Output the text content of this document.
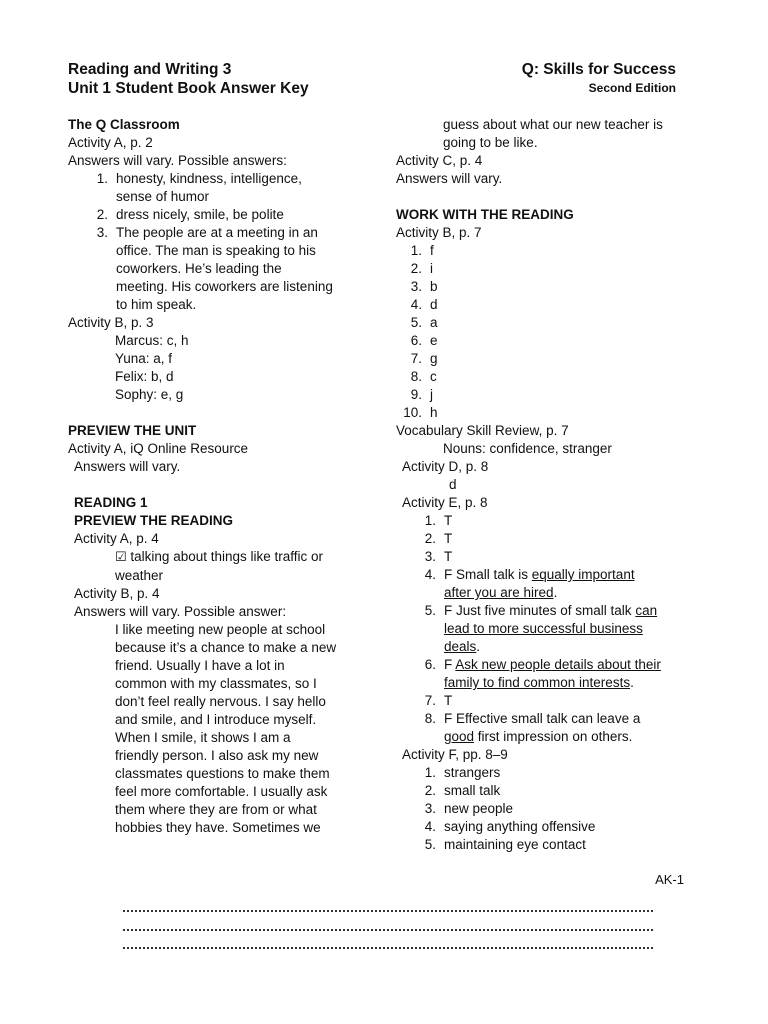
Reading and Writing 3
Unit 1 Student Book Answer Key
Q: Skills for Success
Second Edition
The Q Classroom
Activity A, p. 2
Answers will vary. Possible answers:
1. honesty, kindness, intelligence,
sense of humor
2. dress nicely, smile, be polite
3. The people are at a meeting in an
office. The man is speaking to his
coworkers. He’s leading the
meeting. His coworkers are listening
to him speak.
Activity B, p. 3
Marcus: c, h
Yuna: a, f
Felix: b, d
Sophy: e, g
PREVIEW THE UNIT
Activity A, iQ Online Resource
Answers will vary.
READING 1
PREVIEW THE READING
Activity A, p. 4
☑ talking about things like traffic or
weather
Activity B, p. 4
Answers will vary. Possible answer:
I like meeting new people at school
because it’s a chance to make a new
friend. Usually I have a lot in
common with my classmates, so I
don’t feel really nervous. I say hello
and smile, and I introduce myself.
When I smile, it shows I am a
friendly person. I also ask my new
classmates questions to make them
feel more comfortable. I usually ask
them where they are from or what
hobbies they have. Sometimes we
guess about what our new teacher is
going to be like.
Activity C, p. 4
Answers will vary.
WORK WITH THE READING
Activity B, p. 7
1. f
2. i
3. b
4. d
5. a
6. e
7. g
8. c
9. j
10. h
Vocabulary Skill Review, p. 7
Nouns: confidence, stranger
Activity D, p. 8
d
Activity E, p. 8
1. T
2. T
3. T
4. F Small talk is equally important
after you are hired.
5. F Just five minutes of small talk can
lead to more successful business
deals.
6. F Ask new people details about their
family to find common interests.
7. T
8. F Effective small talk can leave a
good first impression on others.
Activity F, pp. 8–9
1. strangers
2. small talk
3. new people
4. saying anything offensive
5. maintaining eye contact
AK-1
